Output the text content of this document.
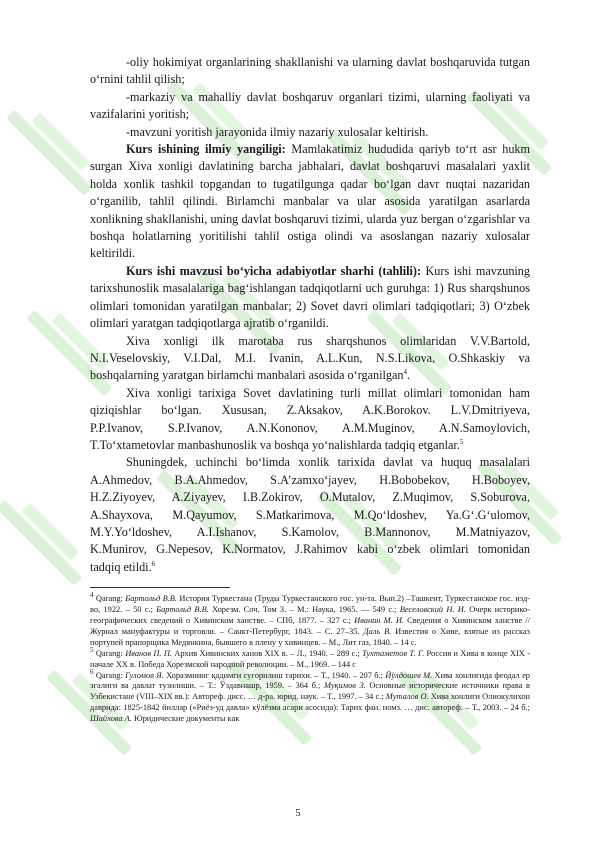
-oliy hokimiyat organlarining shakllanishi va ularning davlat boshqaruvida tutgan o‘rnini tahlil qilish;

-markaziy va mahalliy davlat boshqaruv organlari tizimi, ularning faoliyati va vazifalarini yoritish;

-mavzuni yoritish jarayonida ilmiy nazariy xulosalar keltirish.

Kurs ishining ilmiy yangiligi: Mamlakatimiz hududida qariyb to‘rt asr hukm surgan Xiva xonligi davlatining barcha jabhalari, davlat boshqaruvi masalalari yaxlit holda xonlik tashkil topgandan to tugatilgunga qadar bo‘lgan davr nuqtai nazaridan o‘rganilib, tahlil qilindi. Birlamchi manbalar va ular asosida yaratilgan asarlarda xonlikning shakllanishi, uning davlat boshqaruvi tizimi, ularda yuz bergan o‘zgarishlar va boshqa holatlarning yoritilishi tahlil ostiga olindi va asoslangan nazariy xulosalar keltirildi.

Kurs ishi mavzusi bo‘yicha adabiyotlar sharhi (tahlili): Kurs ishi mavzuning tarixshunoslik masalalariga bag‘ishlangan tadqiqotlarni uch guruhga: 1) Rus sharqshunos olimlari tomonidan yaratilgan manbalar; 2) Sovet davri olimlari tadqiqotlari; 3) O‘zbek olimlari yaratgan tadqiqotlarga ajratib o‘rganildi.

Xiva xonligi ilk marotaba rus sharqshunos olimlaridan V.V.Bartold,

N.I.Veselovskiy, V.I.Dal, M.I. Ivanin, A.L.Kun, N.S.Likova, O.Shkaskiy va

boshqalarning yaratgan birlamchi manbalari asosida o‘rganilgan$^4$.

Xiva xonligi tarixiga Sovet davlatining turli millat olimlari tomonidan ham

qiziqishlar bo‘lgan. Xususan, Z.Aksakov, A.K.Borokov. L.V.Dmitriyeva,

P.P.Ivanov, S.P.Ivanov, A.N.Kononov, A.M.Muginov, A.N.Samoylovich,

T.To‘xtametovlar manbashunoslik va boshqa yo‘nalishlarda tadqiq etganlar.$^5$

Shuningdek, uchinchi bo‘limda xonlik tarixida davlat va huquq masalalari

A.Ahmedov, B.A.Ahmedov, S.A’zamxo‘jayev, H.Bobobekov, H.Boboyev,

H.Z.Ziyoyev, A.Ziyayev, I.B.Zokirov, O.Mutalov, Z.Muqimov, S.Soburova,

A.Shayxova, M.Qayumov, S.Matkarimova, M.Qo‘ldoshev, Ya.G‘.G‘ulomov,

M.Y.Yo‘ldoshev, A.I.Ishanov, S.Kamolov, B.Mannonov, M.Matniyazov,

K.Munirov, G.Nepesov, K.Normatov, J.Rahimov kabi o‘zbek olimlari tomonidan

tadqiq etildi.$^6$

$^4$ Qarang: Бартольд В.В. История Туркестана (Труды Туркестанского гос. ун-та. Вып.2) –Ташкент, Туркестанское гос. изд-во, 1922. – 50 с.; Бартольд В.В. Хорезм. Соч. Том 3. – М.: Наука, 1965. — 549 с.; Веселовский Н. И. Очерк историко-географических сведений о Хивинском ханстве. – СПб, 1877. – 327 с.; Иванин М. И. Сведения о Хивинском ханстве //Журнал мануфактуры и торговли. – Санкт-Петербург, 1843. – С. 27–35. Даль В. Известия о Хиве, взятые из рассказ портупей прапорщика Медянкина, бывшего в плену у хивинцев. – М., Лит газ, 1840. – 14 с.

$^5$ Qarang: Иванов П. П. Архив Хивинских ханов XIX в. – Л., 1940. – 289 с.; Тухтаметов Т. Г. Россия и Хива в конце XIX - начале XX в. Победа Хорезмской народной революции. – М., 1969. – 144 с

$^6$ Qarang: Гуломов Я. Хоразмнинг қадимги суғорилиш тарихи. – Т., 1940. – 207 б.; Йўлдошев М. Хива хонлигида феодал ер эгалиги ва давлат тузилиши. – Т.: Ўздавнашр, 1959. – 364 б.; Муқимов З. Основные исторические источники права в Узбекистане (VIII–XIX вв.): Автореф. дисс. … д-ра. юрид. наук. – Т., 1997. – 34 с.; Муталов О. Хива хонлиги Олиокулихон даврида: 1825-1842 йиллар («Риёз-уд давла» кўлёзма асари асосида): Тарих фан. номз. … дис. автореф. – Т., 2003. – 24 б.; Шайхова А. Юридические документы как

5
